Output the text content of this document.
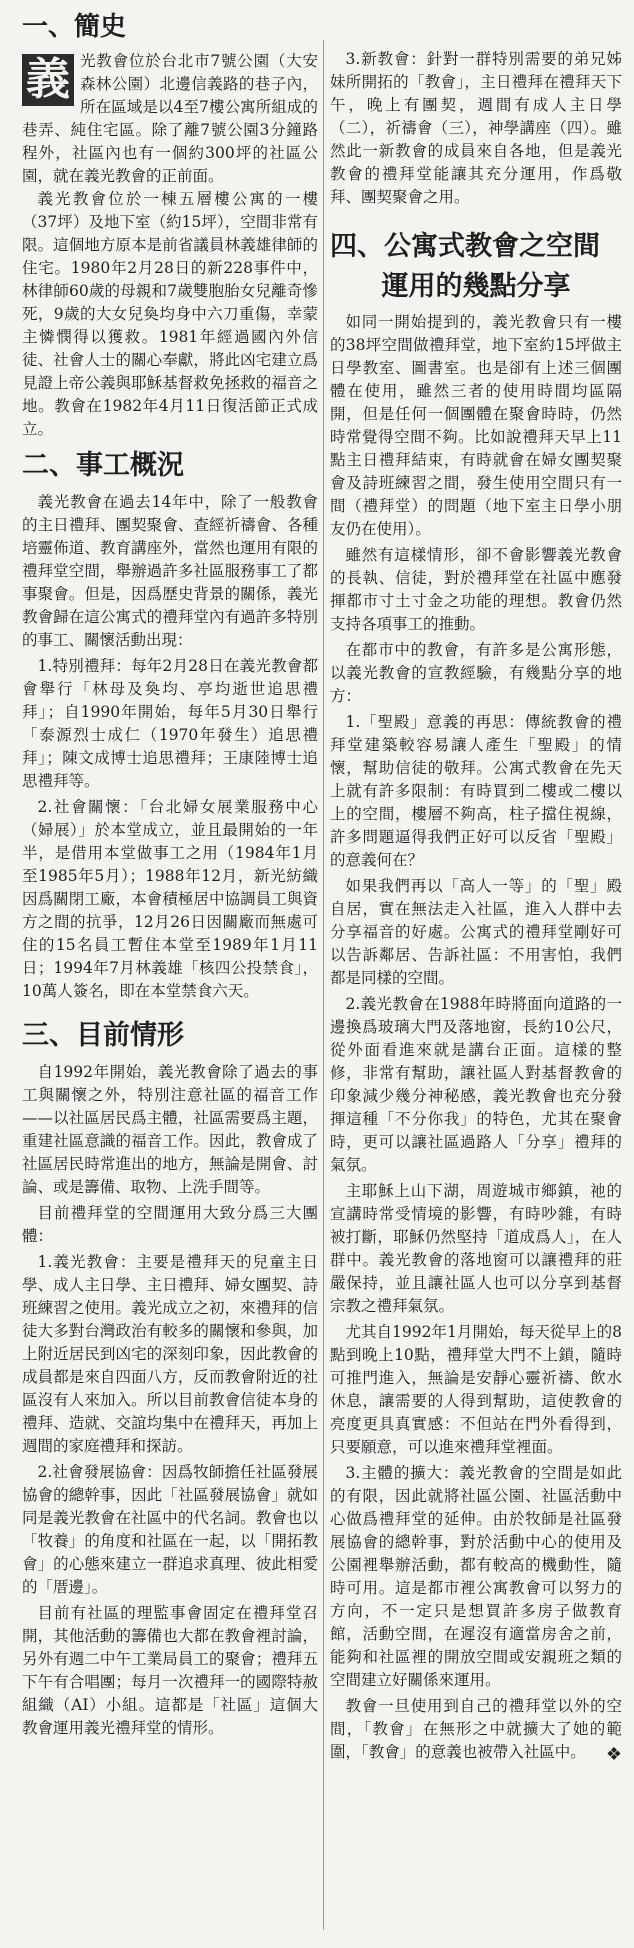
一、簡史
義 光教會位於台北市7號公園（大安森林公園）北邊信義路的巷子內，所在區域是以4至7樓公寓所組成的巷弄、純住宅區。除了離7號公園3分鐘路程外，社區內也有一個約300坪的社區公園，就在義光教會的正前面。

義光教會位於一棟五層樓公寓的一樓（37坪）及地下室（約15坪），空間非常有限。這個地方原本是前省議員林義雄律師的住宅。1980年2月28日的新228事件中，林律師60歲的母親和7歲雙胞胎女兒離奇慘死，9歲的大女兒奐均身中六刀重傷，幸蒙主憐憫得以獲救。1981年經過國內外信徒、社會人士的關心奉獻，將此凶宅建立爲見證上帝公義與耶穌基督救免拯救的福音之地。教會在1982年4月11日復活節正式成立。

二、事工概況

義光教會在過去14年中，除了一般教會的主日禮拜、團契聚會、查經祈禱會、各種培靈佈道、教育講座外，當然也運用有限的禮拜堂空間，舉辦過許多社區服務事工了都事聚會。但是，因爲歷史背景的關係，義光教會歸在這公寓式的禮拜堂內有過許多特別的事工、關懷活動出現：

1.特別禮拜：每年2月28日在義光教會都會舉行「林母及奐均、亭均逝世追思禮拜」；自1990年開始，每年5月30日舉行「泰源烈士成仁（1970年發生）追思禮拜」；陳文成博士追思禮拜；王康陸博士追思禮拜等。

2.社會關懷：「台北婦女展業服務中心（婦展）」於本堂成立，並且最開始的一年半，是借用本堂做事工之用（1984年1月至1985年5月）；1988年12月，新光紡織因爲關閉工廠，本會積極居中協調員工與資方之間的抗爭，12月26日因關廠而無處可住的15名員工暫住本堂至1989年1月11日；1994年7月林義雄「核四公投禁食」，10萬人簽名，即在本堂禁食六天。

三、目前情形

自1992年開始，義光教會除了過去的事工與關懷之外，特別注意社區的福音工作——以社區居民爲主體，社區需要爲主題，重建社區意識的福音工作。因此，教會成了社區居民時常進出的地方，無論是開會、討論、或是籌備、取物、上洗手間等。

目前禮拜堂的空間運用大致分爲三大團體：

1.義光教會：主要是禮拜天的兒童主日學、成人主日學、主日禮拜、婦女團契、詩班練習之使用。義光成立之初，來禮拜的信徒大多對台灣政治有較多的關懷和參與，加上附近居民到凶宅的深刻印象，因此教會的成員都是來自四面八方，反而教會附近的社區沒有人來加入。所以目前教會信徒本身的禮拜、造就、交誼均集中在禮拜天，再加上週間的家庭禮拜和探訪。

2.社會發展協會：因爲牧師擔任社區發展協會的總幹事，因此「社區發展協會」就如同是義光教會在社區中的代名詞。教會也以「牧養」的角度和社區在一起，以「開拓教會」的心態來建立一群追求真理、彼此相愛的「厝邊」。

目前有社區的理監事會固定在禮拜堂召開，其他活動的籌備也大都在教會裡討論，另外有週二中午工業局員工的聚會；禮拜五下午有合唱團；每月一次禮拜一的國際特赦組織（AI）小組。這都是「社區」這個大教會運用義光禮拜堂的情形。

3.新教會：針對一群特別需要的弟兄姊妹所開拓的「教會」，主日禮拜在禮拜天下午，晚上有團契，週間有成人主日學（二），祈禱會（三），神學講座（四）。雖然此一新教會的成員來自各地，但是義光教會的禮拜堂能讓其充分運用，作爲敬拜、團契聚會之用。

四、公寓式教會之空間
運用的幾點分享

如同一開始提到的，義光教會只有一樓的38坪空間做禮拜堂，地下室約15坪做主日學教室、圖書室。也是卻有上述三個團體在使用，雖然三者的使用時間均區隔開，但是任何一個團體在聚會時時，仍然時常覺得空間不夠。比如說禮拜天早上11點主日禮拜結束，有時就會在婦女團契聚會及詩班練習之間，發生使用空間只有一間（禮拜堂）的問題（地下室主日學小朋友仍在使用）。

雖然有這樣情形，卻不會影響義光教會的長執、信徒，對於禮拜堂在社區中應發揮都市寸土寸金之功能的理想。教會仍然支持各項事工的推動。

在都市中的教會，有許多是公寓形態，以義光教會的宣教經驗，有幾點分享的地方：

1.「聖殿」意義的再思：傳統教會的禮拜堂建築較容易讓人產生「聖殿」的情懷，幫助信徒的敬拜。公寓式教會在先天上就有許多限制：有時買到二樓或二樓以上的空間，樓層不夠高，柱子擋住視線，許多問題逼得我們正好可以反省「聖殿」的意義何在？

如果我們再以「高人一等」的「聖」殿自居，實在無法走入社區，進入人群中去分享福音的好處。公寓式的禮拜堂剛好可以告訴鄰居、告訴社區：不用害怕，我們都是同樣的空間。

2.義光教會在1988年時將面向道路的一邊換爲玻璃大門及落地窗，長約10公尺，從外面看進來就是講台正面。這樣的整修，非常有幫助，讓社區人對基督教會的印象減少幾分神秘感，義光教會也充分發揮這種「不分你我」的特色，尤其在聚會時，更可以讓社區過路人「分享」禮拜的氣氛。

主耶穌上山下湖，周遊城市鄉鎮，祂的宣講時常受情境的影響，有時吵雜，有時被打斷，耶穌仍然堅持「道成爲人」，在人群中。義光教會的落地窗可以讓禮拜的莊嚴保持，並且讓社區人也可以分享到基督宗教之禮拜氣氛。

尤其自1992年1月開始，每天從早上的8點到晚上10點，禮拜堂大門不上鎖，隨時可推門進入，無論是安靜心靈祈禱、飲水休息，讓需要的人得到幫助，這使教會的亮度更具真實感：不但站在門外看得到，只要願意，可以進來禮拜堂裡面。

3.主體的擴大：義光教會的空間是如此的有限，因此就將社區公園、社區活動中心做爲禮拜堂的延伸。由於牧師是社區發展協會的總幹事，對於活動中心的使用及公園裡舉辦活動，都有較高的機動性，隨時可用。這是都市裡公寓教會可以努力的方向，不一定只是想買許多房子做教育館，活動空間，在遲沒有適當房舍之前，能夠和社區裡的開放空間或安親班之類的空間建立好關係來運用。

教會一旦使用到自己的禮拜堂以外的空間，「教會」在無形之中就擴大了她的範圍，「教會」的意義也被帶入社區中。	❖
